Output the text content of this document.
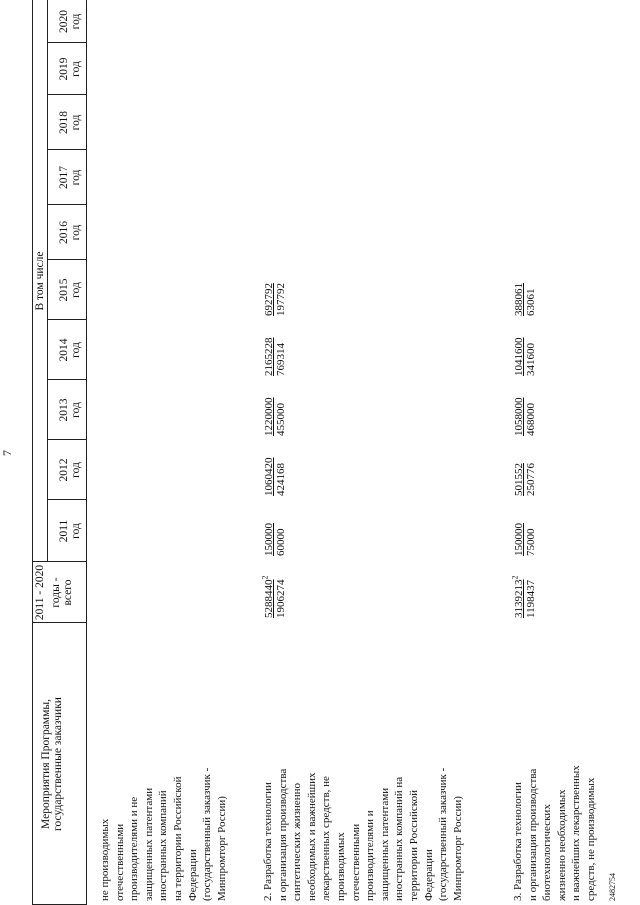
7
Мероприятия Программы, государственные заказчики
2011 - 2020 годы - всего
В том числе
2011 год
2012 год
2013 год
2014 год
2015 год
2016 год
2017 год
2018 год
2019 год
2020 год
не производимых отечественными производителями и не защищенных патентами иностранных компаний на территории Российской Федерации (государственный заказчик - Минпромторг России)	2. Разработка технологии и организация производства синтетических жизненно необходимых и важнейших лекарственных средств, не производимых отечественными производителями и защищенных патентами иностранных компаний на территории Российской Федерации (государственный заказчик - Минпромторг России)
5288440$^2$
1906274
150000 60000
1060420 424168
1220000 455000
2165228 769314
692792 197792
3. Разработка технологии и организация производства биотехнологических жизненно необходимых и важнейших лекарственных средств, не производимых
3139213$^2$
1198437
150000 75000
501552 250776
1058000 468000
1041600 341600
388061 63061
2482754
